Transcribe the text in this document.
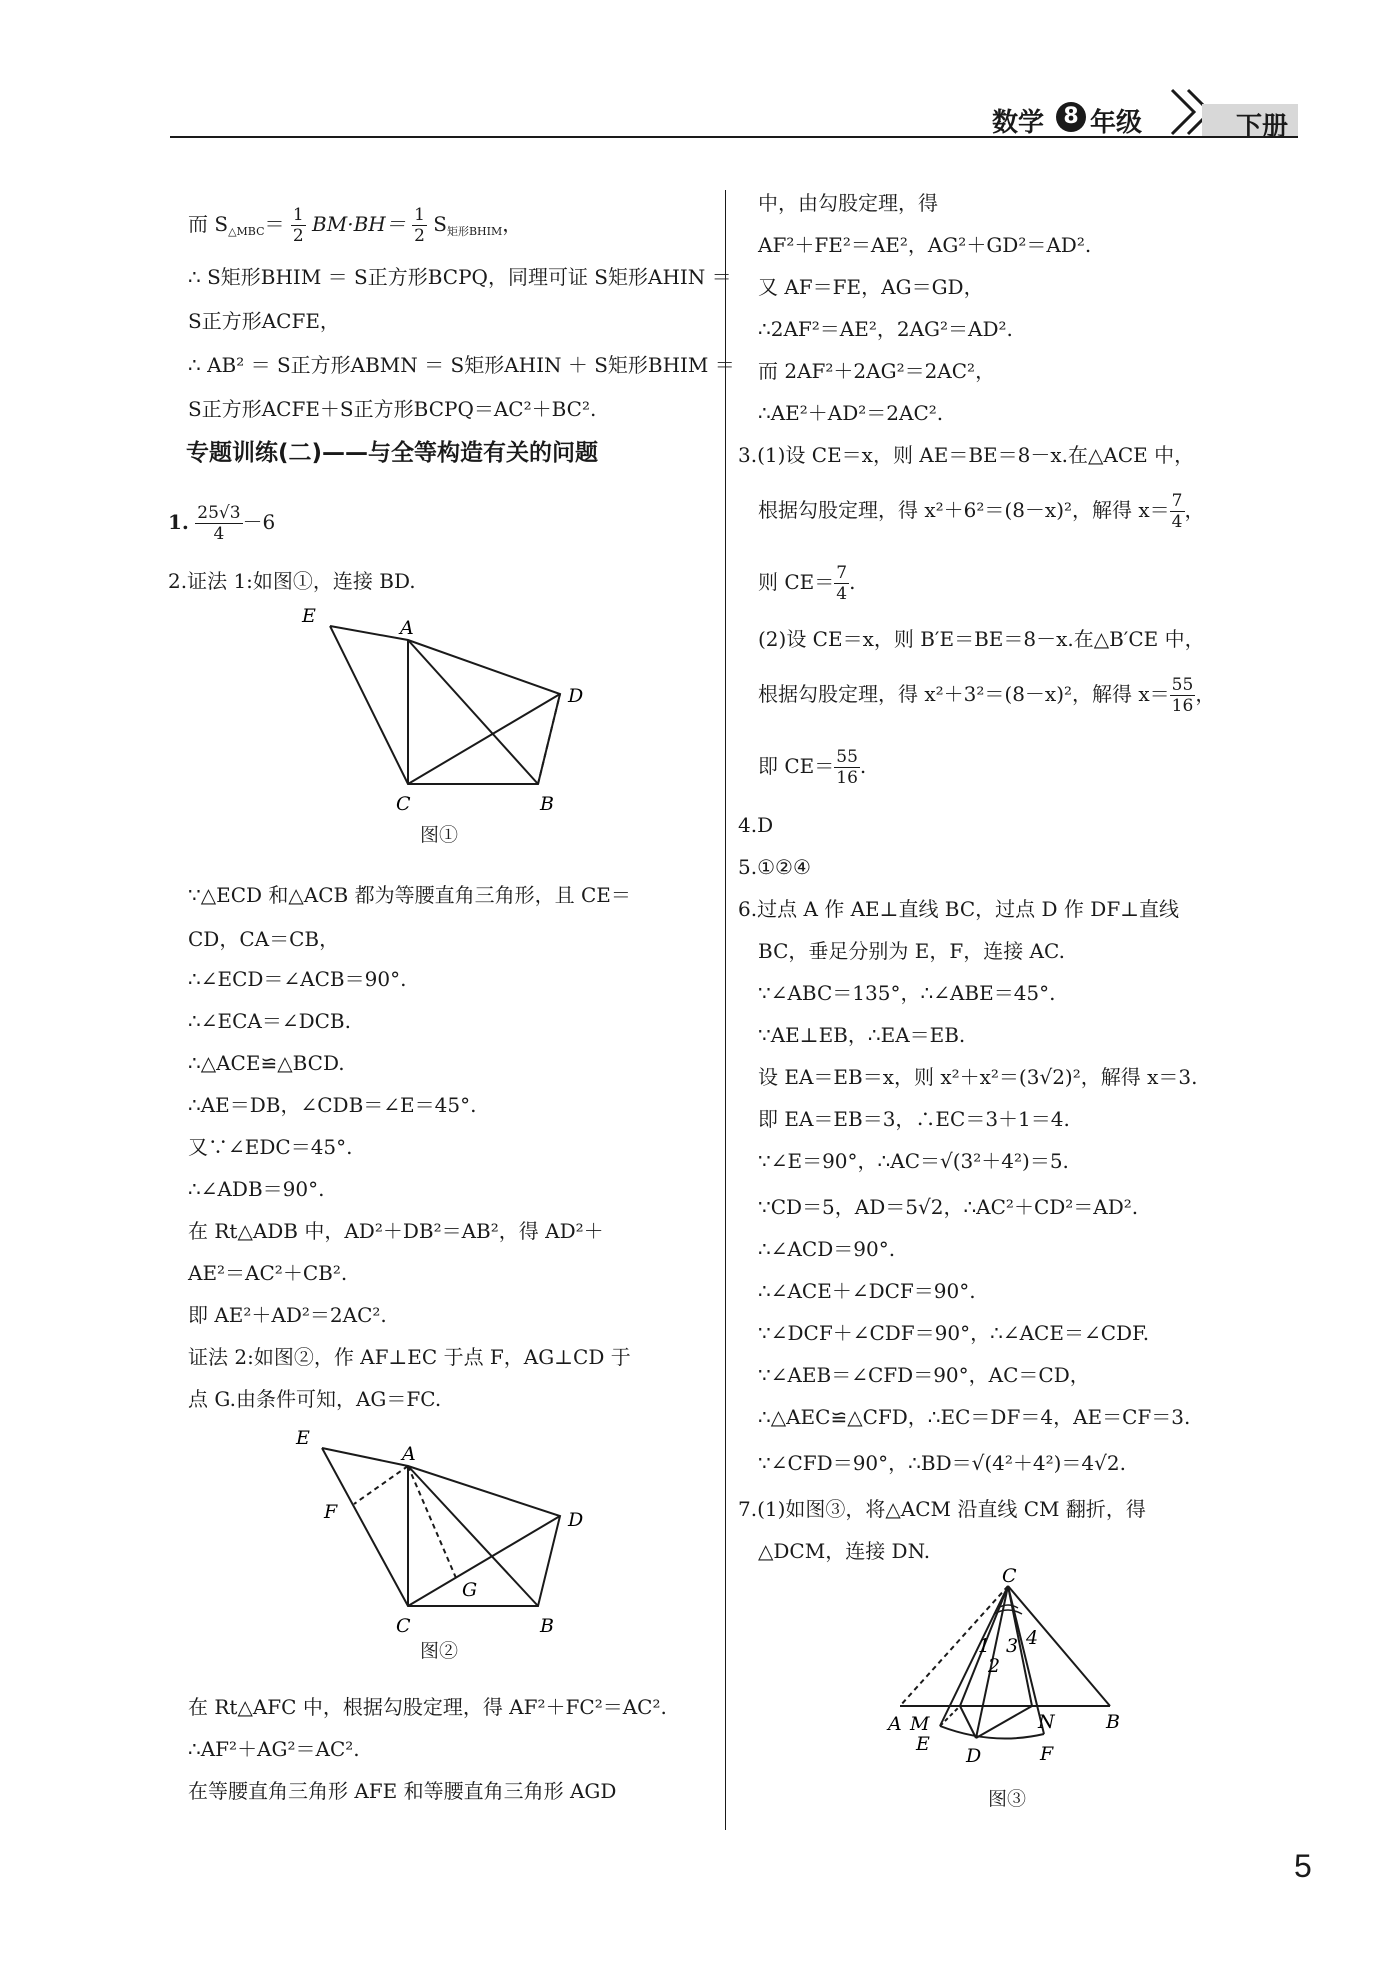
数学 8 年级	下册
而 $S_{\triangle MBC}= \frac{1}{2} BM\cdot BH= \frac{1}{2} S_{矩形BHIM}$，
∴ S矩形BHIM ＝ S正方形BCPQ，同理可证 S矩形AHIN ＝
S正方形ACFE，
∴ AB² ＝ S正方形ABMN ＝ S矩形AHIN ＋ S矩形BHIM ＝
S正方形ACFE＋S正方形BCPQ＝AC²＋BC².
专题训练(二)——与全等构造有关的问题
1. $\frac{25√3}{4} -6$
2.证法 1:如图①，连接 BD.
E
A
D
C	B
图①
∵△ECD 和△ACB 都为等腰直角三角形，且 CE＝
CD，CA＝CB，
∴∠ECD＝∠ACB＝90°.
∴∠ECA＝∠DCB.
∴△ACE≌△BCD.
∴AE＝DB，∠CDB＝∠E＝45°.
又∵∠EDC＝45°.
∴∠ADB＝90°.
在 Rt△ADB 中，AD²＋DB²＝AB²，得 AD²＋
AE²＝AC²＋CB².
即 AE²＋AD²＝2AC².
证法 2:如图②，作 AF⊥EC 于点 F，AG⊥CD 于
点 G.由条件可知，AG＝FC.
E
A
F	D
G
C	B
图②
在 Rt△AFC 中，根据勾股定理，得 AF²＋FC²＝AC².
∴AF²＋AG²＝AC².
在等腰直角三角形 AFE 和等腰直角三角形 AGD
中，由勾股定理，得
AF²＋FE²＝AE²，AG²＋GD²＝AD².
又 AF＝FE，AG＝GD，
∴2AF²＝AE²，2AG²＝AD².
而 2AF²＋2AG²＝2AC²，
∴AE²＋AD²＝2AC².
3.(1)设 CE＝x，则 AE＝BE＝8－x.在△ACE 中，
根据勾股定理，得 x²＋6²＝(8－x)²，解得 $x= \frac{7}{4}$ ，
则 $CE= \frac{7}{4}$ .
(2)设 CE＝x，则 B′E＝BE＝8－x.在△B′CE 中，
根据勾股定理，得 x²＋3²＝(8－x)²，解得 $x= \frac{55}{16}$ ，
即 $CE= \frac{55}{16}$ .
4.D
5.①②④
6.过点 A 作 AE⊥直线 BC，过点 D 作 DF⊥直线
BC，垂足分别为 E，F，连接 AC.
∵∠ABC＝135°，∴∠ABE＝45°.
∵AE⊥EB，∴EA＝EB.
设 EA＝EB＝x，则 x²＋x²＝(3√2)²，解得 x＝3.
即 EA＝EB＝3，∴EC＝3＋1＝4.
∵∠E＝90°，∴AC＝√(3²＋4²)＝5.
∵CD＝5，AD＝5√2，∴AC²＋CD²＝AD².
∴∠ACD＝90°.
∴∠ACE＋∠DCF＝90°.
∵∠DCF＋∠CDF＝90°，∴∠ACE＝∠CDF.
∵∠AEB＝∠CFD＝90°，AC＝CD，
∴△AEC≌△CFD，∴EC＝DF＝4，AE＝CF＝3.
∵∠CFD＝90°，∴BD＝√(4²＋4²)＝4√2.
7.(1)如图③，将△ACM 沿直线 CM 翻折，得
△DCM，连接 DN.
C
1
2
3 4
A M	N	B
E
D	F
图③
5
